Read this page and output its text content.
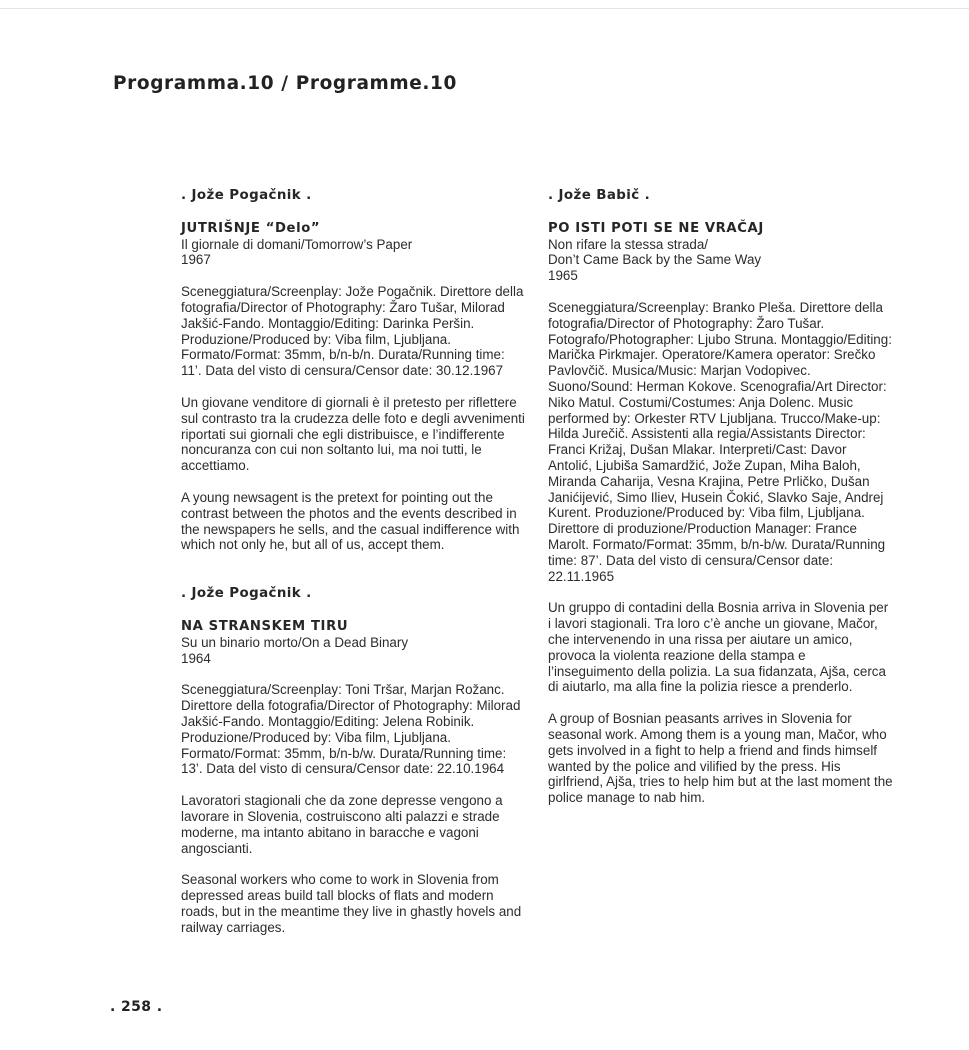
Programma.10 / Programme.10

. Jože Pogačnik .

JUTRIŠNJE “Delo”

Il giornale di domani/Tomorrow’s Paper

1967

Sceneggiatura/Screenplay: Jože Pogačnik. Direttore della fotografia/Director of Photography: Žaro Tušar, Milorad Jakšić-Fando. Montaggio/Editing: Darinka Peršin. Produzione/Produced by: Viba film, Ljubljana. Formato/Format: 35mm, b/n-b/n. Durata/Running time: 11’. Data del visto di censura/Censor date: 30.12.1967

Un giovane venditore di giornali è il pretesto per riflettere sul contrasto tra la crudezza delle foto e degli avvenimenti riportati sui giornali che egli distribuisce, e l’indifferente noncuranza con cui non soltanto lui, ma noi tutti, le accettiamo.

A young newsagent is the pretext for pointing out the contrast between the photos and the events described in the newspapers he sells, and the casual indifference with which not only he, but all of us, accept them.

. Jože Pogačnik .

NA STRANSKEM TIRU

Su un binario morto/On a Dead Binary

1964

Sceneggiatura/Screenplay: Toni Tršar, Marjan Rožanc. Direttore della fotografia/Director of Photography: Milorad Jakšić-Fando. Montaggio/Editing: Jelena Robinik. Produzione/Produced by: Viba film, Ljubljana. Formato/Format: 35mm, b/n-b/w. Durata/Running time: 13’. Data del visto di censura/Censor date: 22.10.1964

Lavoratori stagionali che da zone depresse vengono a lavorare in Slovenia, costruiscono alti palazzi e strade moderne, ma intanto abitano in baracche e vagoni angoscianti.

Seasonal workers who come to work in Slovenia from depressed areas build tall blocks of flats and modern roads, but in the meantime they live in ghastly hovels and railway carriages.

. Jože Babič .

PO ISTI POTI SE NE VRAČAJ

Non rifare la stessa strada/

Don’t Came Back by the Same Way

1965

Sceneggiatura/Screenplay: Branko Pleša. Direttore della fotografia/Director of Photography: Žaro Tušar. Fotografo/Photographer: Ljubo Struna. Montaggio/Editing: Marička Pirkmajer. Operatore/Kamera operator: Srečko Pavlovčič. Musica/Music: Marjan Vodopivec. Suono/Sound: Herman Kokove. Scenografia/Art Director: Niko Matul. Costumi/Costumes: Anja Dolenc. Music performed by: Orkester RTV Ljubljana. Trucco/Make-up: Hilda Jurečič. Assistenti alla regia/Assistants Director: Franci Križaj, Dušan Mlakar. Interpreti/Cast: Davor Antolić, Ljubiša Samardžić, Jože Zupan, Miha Baloh, Miranda Caharija, Vesna Krajina, Petre Prličko, Dušan Janićijević, Simo Iliev, Husein Čokić, Slavko Saje, Andrej Kurent. Produzione/Produced by: Viba film, Ljubljana. Direttore di produzione/Production Manager: France Marolt. Formato/Format: 35mm, b/n-b/w. Durata/Running time: 87’. Data del visto di censura/Censor date: 22.11.1965

Un gruppo di contadini della Bosnia arriva in Slovenia per i lavori stagionali. Tra loro c’è anche un giovane, Mačor, che intervenendo in una rissa per aiutare un amico, provoca la violenta reazione della stampa e l’inseguimento della polizia. La sua fidanzata, Ajša, cerca di aiutarlo, ma alla fine la polizia riesce a prenderlo.

A group of Bosnian peasants arrives in Slovenia for seasonal work. Among them is a young man, Mačor, who gets involved in a fight to help a friend and finds himself wanted by the police and vilified by the press. His girlfriend, Ajša, tries to help him but at the last moment the police manage to nab him.

. 258 .
